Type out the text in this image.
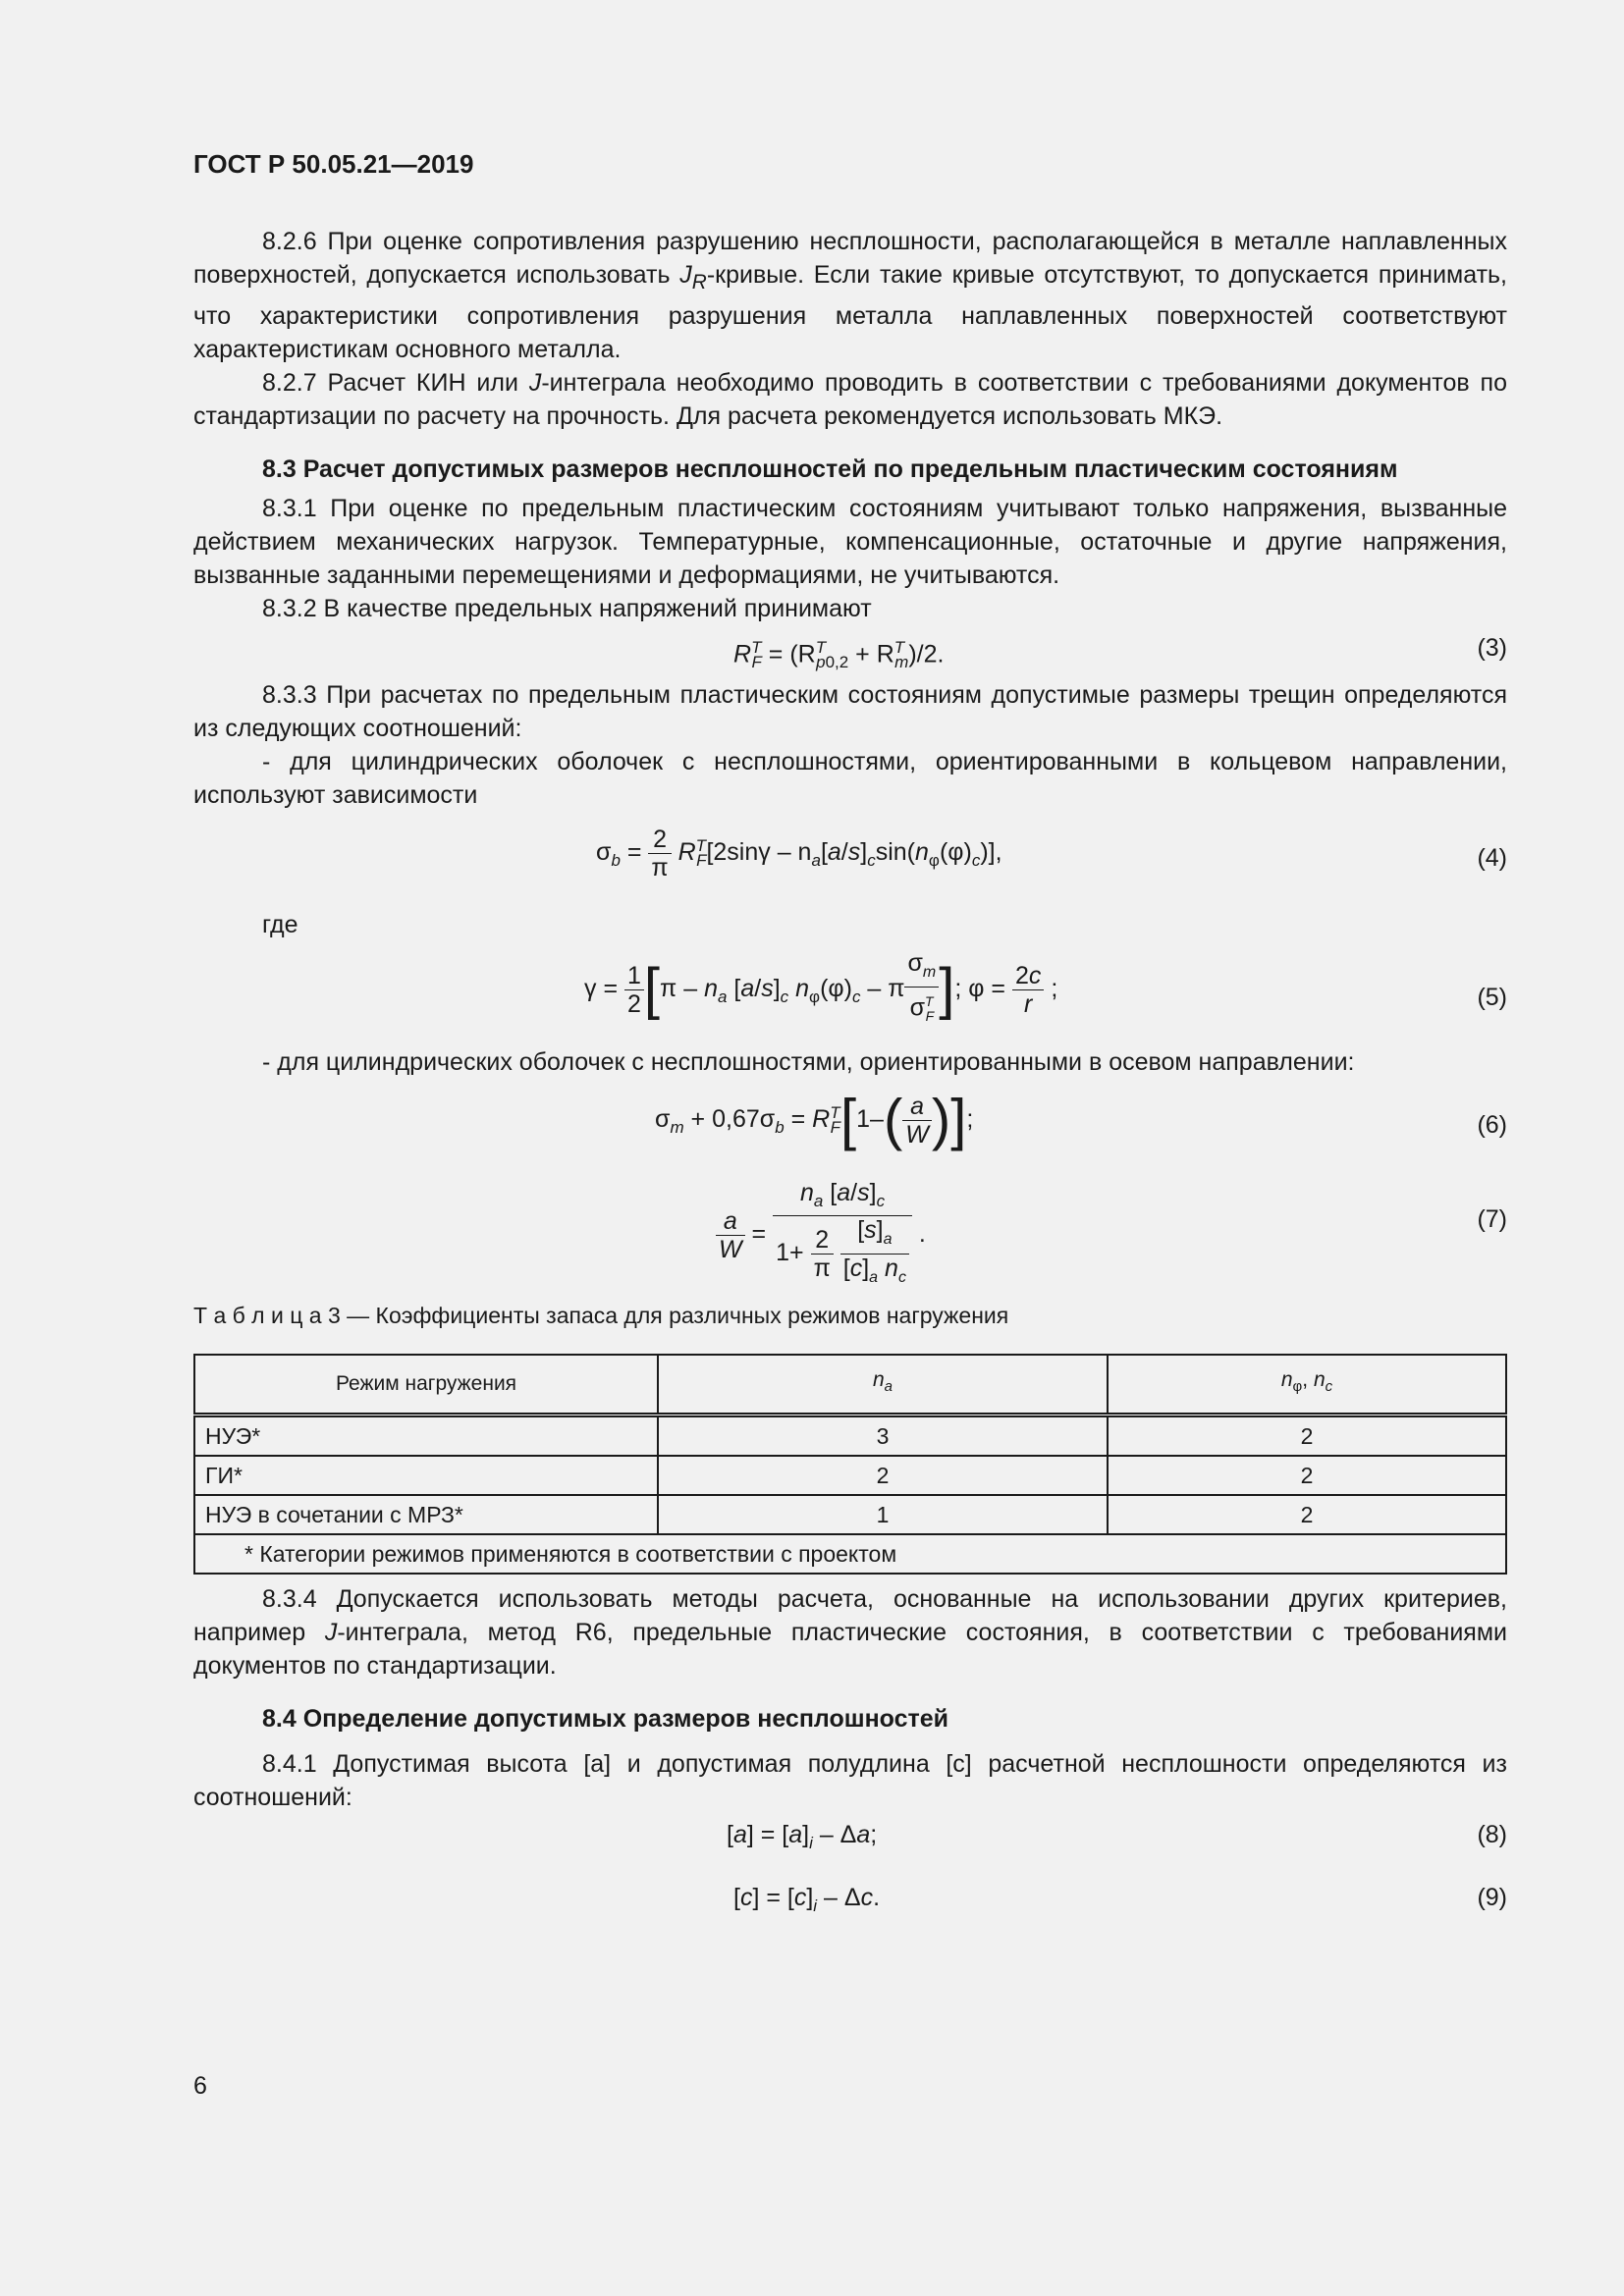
ГОСТ Р 50.05.21—2019

8.2.6 При оценке сопротивления разрушению несплошности, располагающейся в металле наплавленных поверхностей, допускается использовать $J_R$-кривые. Если такие кривые отсутствуют, то допускается принимать, что характеристики сопротивления разрушения металла наплавленных поверхностей соответствуют характеристикам основного металла.

8.2.7 Расчет КИН или J-интеграла необходимо проводить в соответствии с требованиями документов по стандартизации по расчету на прочность. Для расчета рекомендуется использовать МКЭ.

8.3 Расчет допустимых размеров несплошностей по предельным пластическим состояниям

8.3.1 При оценке по предельным пластическим состояниям учитывают только напряжения, вызванные действием механических нагрузок. Температурные, компенсационные, остаточные и другие напряжения, вызванные заданными перемещениями и деформациями, не учитываются.

8.3.2 В качестве предельных напряжений принимают

$R^T_F = (R^T_{p0,2} + R^T_m)/2$.	(3)

8.3.3 При расчетах по предельным пластическим состояниям допустимые размеры трещин определяются из следующих соотношений:

- для цилиндрических оболочек с несплошностями, ориентированными в кольцевом направлении, используют зависимости

$\sigma_b = \frac{2}{\pi} R^T_F[2\sin\gamma - n_a[a/s]_c\sin(n_\varphi(\varphi)_c)]$,	(4)

где

$\gamma = \frac{1}{2} [\pi - n_a$ $[a/s]_c$ $n_\varphi(\varphi)_c$ – π $\frac{\sigma_m}{\sigma^T_F}$ ]; $\varphi = \frac{2c}{r}$ ;	(5)

- для цилиндрических оболочек с несплошностями, ориентированными в осевом направлении:

$\sigma_m + 0,67\sigma_b = R^T_F[1-( \frac{a}{W}$ )];	(6)
$\frac{a}{W} = n_a$ $[a/s]_c$
$1+ \frac{2}{\pi}$
$\frac{[s]_a}{[c]_a n_c}$ .
(7)

Т а б л и ц а 3 — Коэффициенты запаса для различных режимов нагружения

Режим нагружения	$n_a$	$n_\varphi$, $n_c$
НУЭ*	3	2
ГИ*	2	2
НУЭ в сочетании с МРЗ*	1	2
* Категории режимов применяются в соответствии с проектом		

8.3.4 Допускается использовать методы расчета, основанные на использовании других критериев, например J-интеграла, метод R6, предельные пластические состояния, в соответствии с требованиями документов по стандартизации.

8.4 Определение допустимых размеров несплошностей

8.4.1 Допустимая высота [a] и допустимая полудлина [c] расчетной несплошности определяются из соотношений:

$[a] = [a]_i - \Delta a$;	(8)
$[c] = [c]_i - \Delta c$.	(9)
6
